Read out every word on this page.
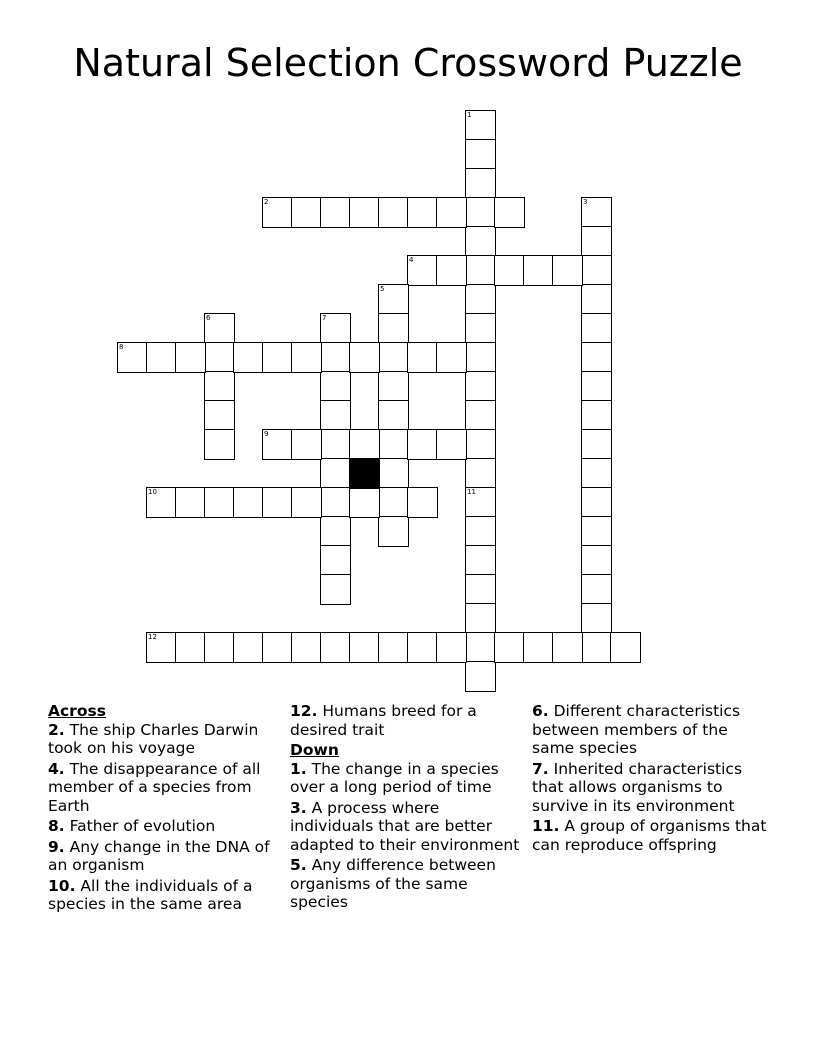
Natural Selection Crossword Puzzle
1
11
2	3
4
5
6	7
8
9
10
12
Across
2. The ship Charles Darwin took on his voyage
4. The disappearance of all member of a species from Earth
8. Father of evolution
9. Any change in the DNA of an organism
10. All the individuals of a species in the same area
12. Humans breed for a desired trait
Down
1. The change in a species over a long period of time
3. A process where individuals that are better adapted to their environment
5. Any difference between organisms of the same species
6. Different characteristics between members of the same species
7. Inherited characteristics that allows organisms to survive in its environment
11. A group of organisms that can reproduce offspring
